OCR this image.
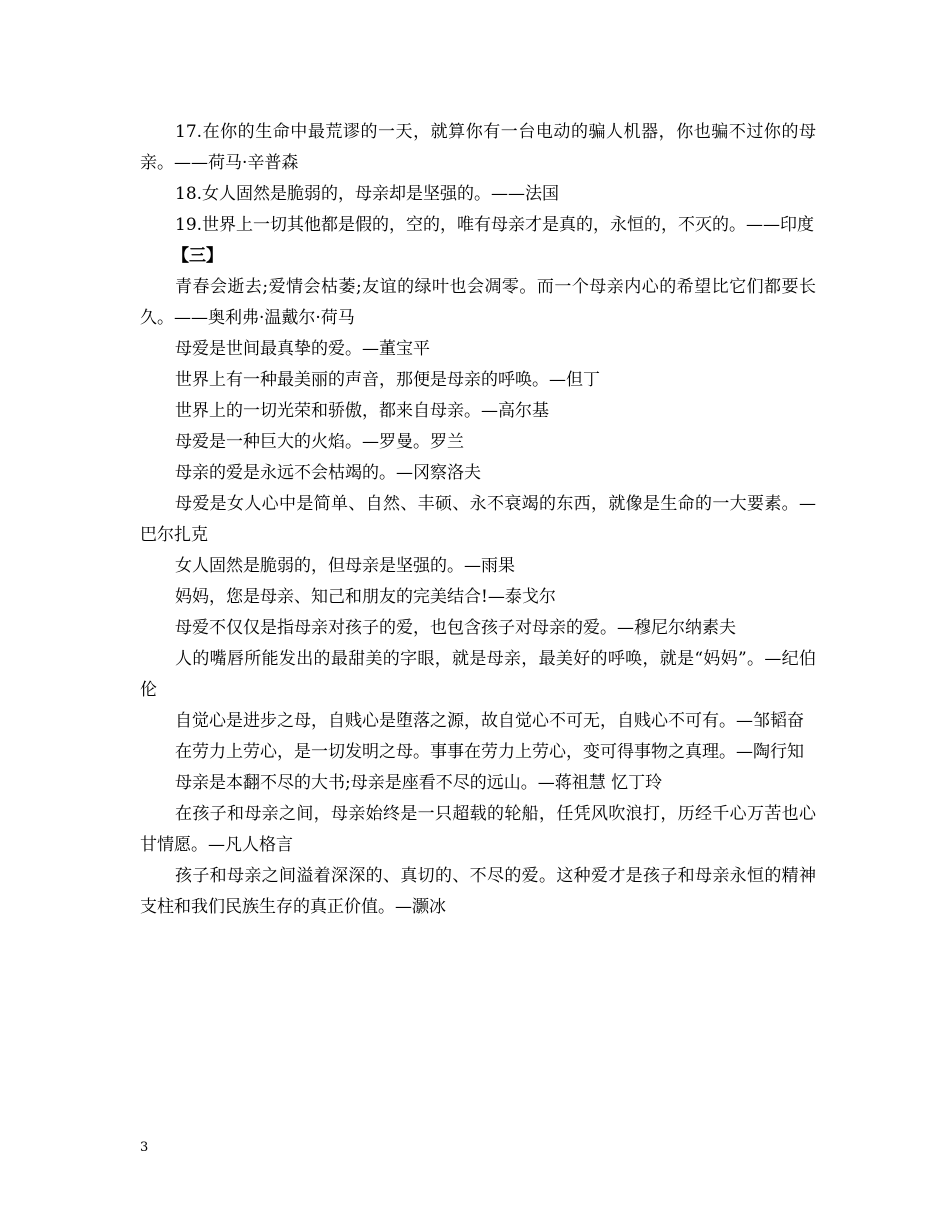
17.在你的生命中最荒谬的一天，就算你有一台电动的骗人机器，你也骗不过你的母亲。——荷马·辛普森

18.女人固然是脆弱的，母亲却是坚强的。——法国

19.世界上一切其他都是假的，空的，唯有母亲才是真的，永恒的，不灭的。——印度

【三】

青春会逝去;爱情会枯萎;友谊的绿叶也会凋零。而一个母亲内心的希望比它们都要长久。——奥利弗·温戴尔·荷马

母爱是世间最真挚的爱。—董宝平

世界上有一种最美丽的声音，那便是母亲的呼唤。—但丁

世界上的一切光荣和骄傲，都来自母亲。—高尔基

母爱是一种巨大的火焰。—罗曼。罗兰

母亲的爱是永远不会枯竭的。—冈察洛夫

母爱是女人心中是简单、自然、丰硕、永不衰竭的东西，就像是生命的一大要素。—巴尔扎克

女人固然是脆弱的，但母亲是坚强的。—雨果

妈妈，您是母亲、知己和朋友的完美结合!—泰戈尔

母爱不仅仅是指母亲对孩子的爱，也包含孩子对母亲的爱。—穆尼尔纳素夫

人的嘴唇所能发出的最甜美的字眼，就是母亲，最美好的呼唤，就是“妈妈”。—纪伯伦

自觉心是进步之母，自贱心是堕落之源，故自觉心不可无，自贱心不可有。—邹韬奋

在劳力上劳心，是一切发明之母。事事在劳力上劳心，变可得事物之真理。—陶行知

母亲是本翻不尽的大书;母亲是座看不尽的远山。—蒋祖慧 忆丁玲

在孩子和母亲之间，母亲始终是一只超载的轮船，任凭风吹浪打，历经千心万苦也心甘情愿。—凡人格言

孩子和母亲之间溢着深深的、真切的、不尽的爱。这种爱才是孩子和母亲永恒的精神支柱和我们民族生存的真正价值。—灏冰

3
